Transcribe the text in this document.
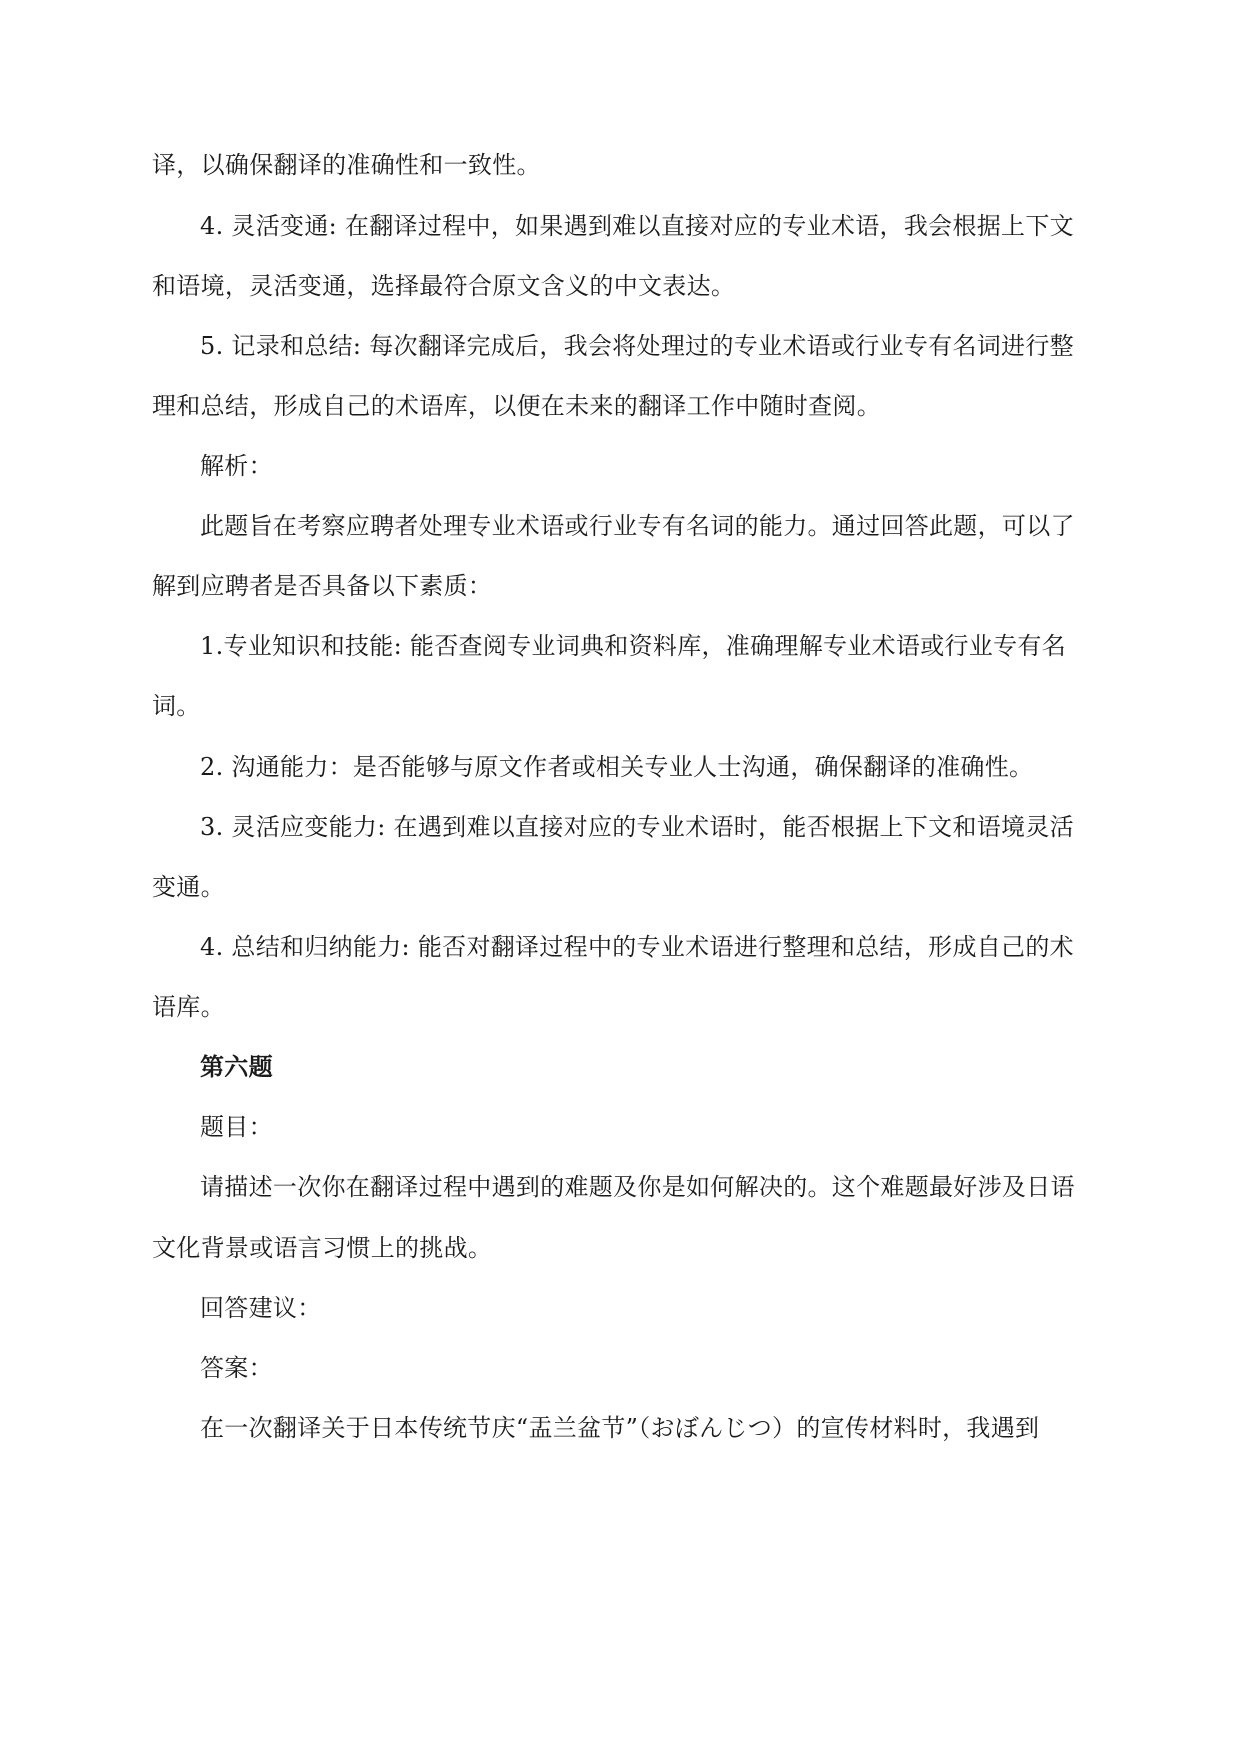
译，以确保翻译的准确性和一致性。
4. 灵活变通: 在翻译过程中，如果遇到难以直接对应的专业术语，我会根据上下文
和语境，灵活变通，选择最符合原文含义的中文表达。
5. 记录和总结: 每次翻译完成后，我会将处理过的专业术语或行业专有名词进行整
理和总结，形成自己的术语库，以便在未来的翻译工作中随时查阅。
解析：
此题旨在考察应聘者处理专业术语或行业专有名词的能力。通过回答此题，可以了
解到应聘者是否具备以下素质：
1.专业知识和技能: 能否查阅专业词典和资料库，准确理解专业术语或行业专有名
词。
2. 沟通能力：是否能够与原文作者或相关专业人士沟通，确保翻译的准确性。
3. 灵活应变能力: 在遇到难以直接对应的专业术语时，能否根据上下文和语境灵活
变通。
4. 总结和归纳能力: 能否对翻译过程中的专业术语进行整理和总结，形成自己的术
语库。
第六题
题目：
请描述一次你在翻译过程中遇到的难题及你是如何解决的。这个难题最好涉及日语
文化背景或语言习惯上的挑战。
回答建议：
答案：
在一次翻译关于日本传统节庆“盂兰盆节”（おぼんじつ）的宣传材料时，我遇到
